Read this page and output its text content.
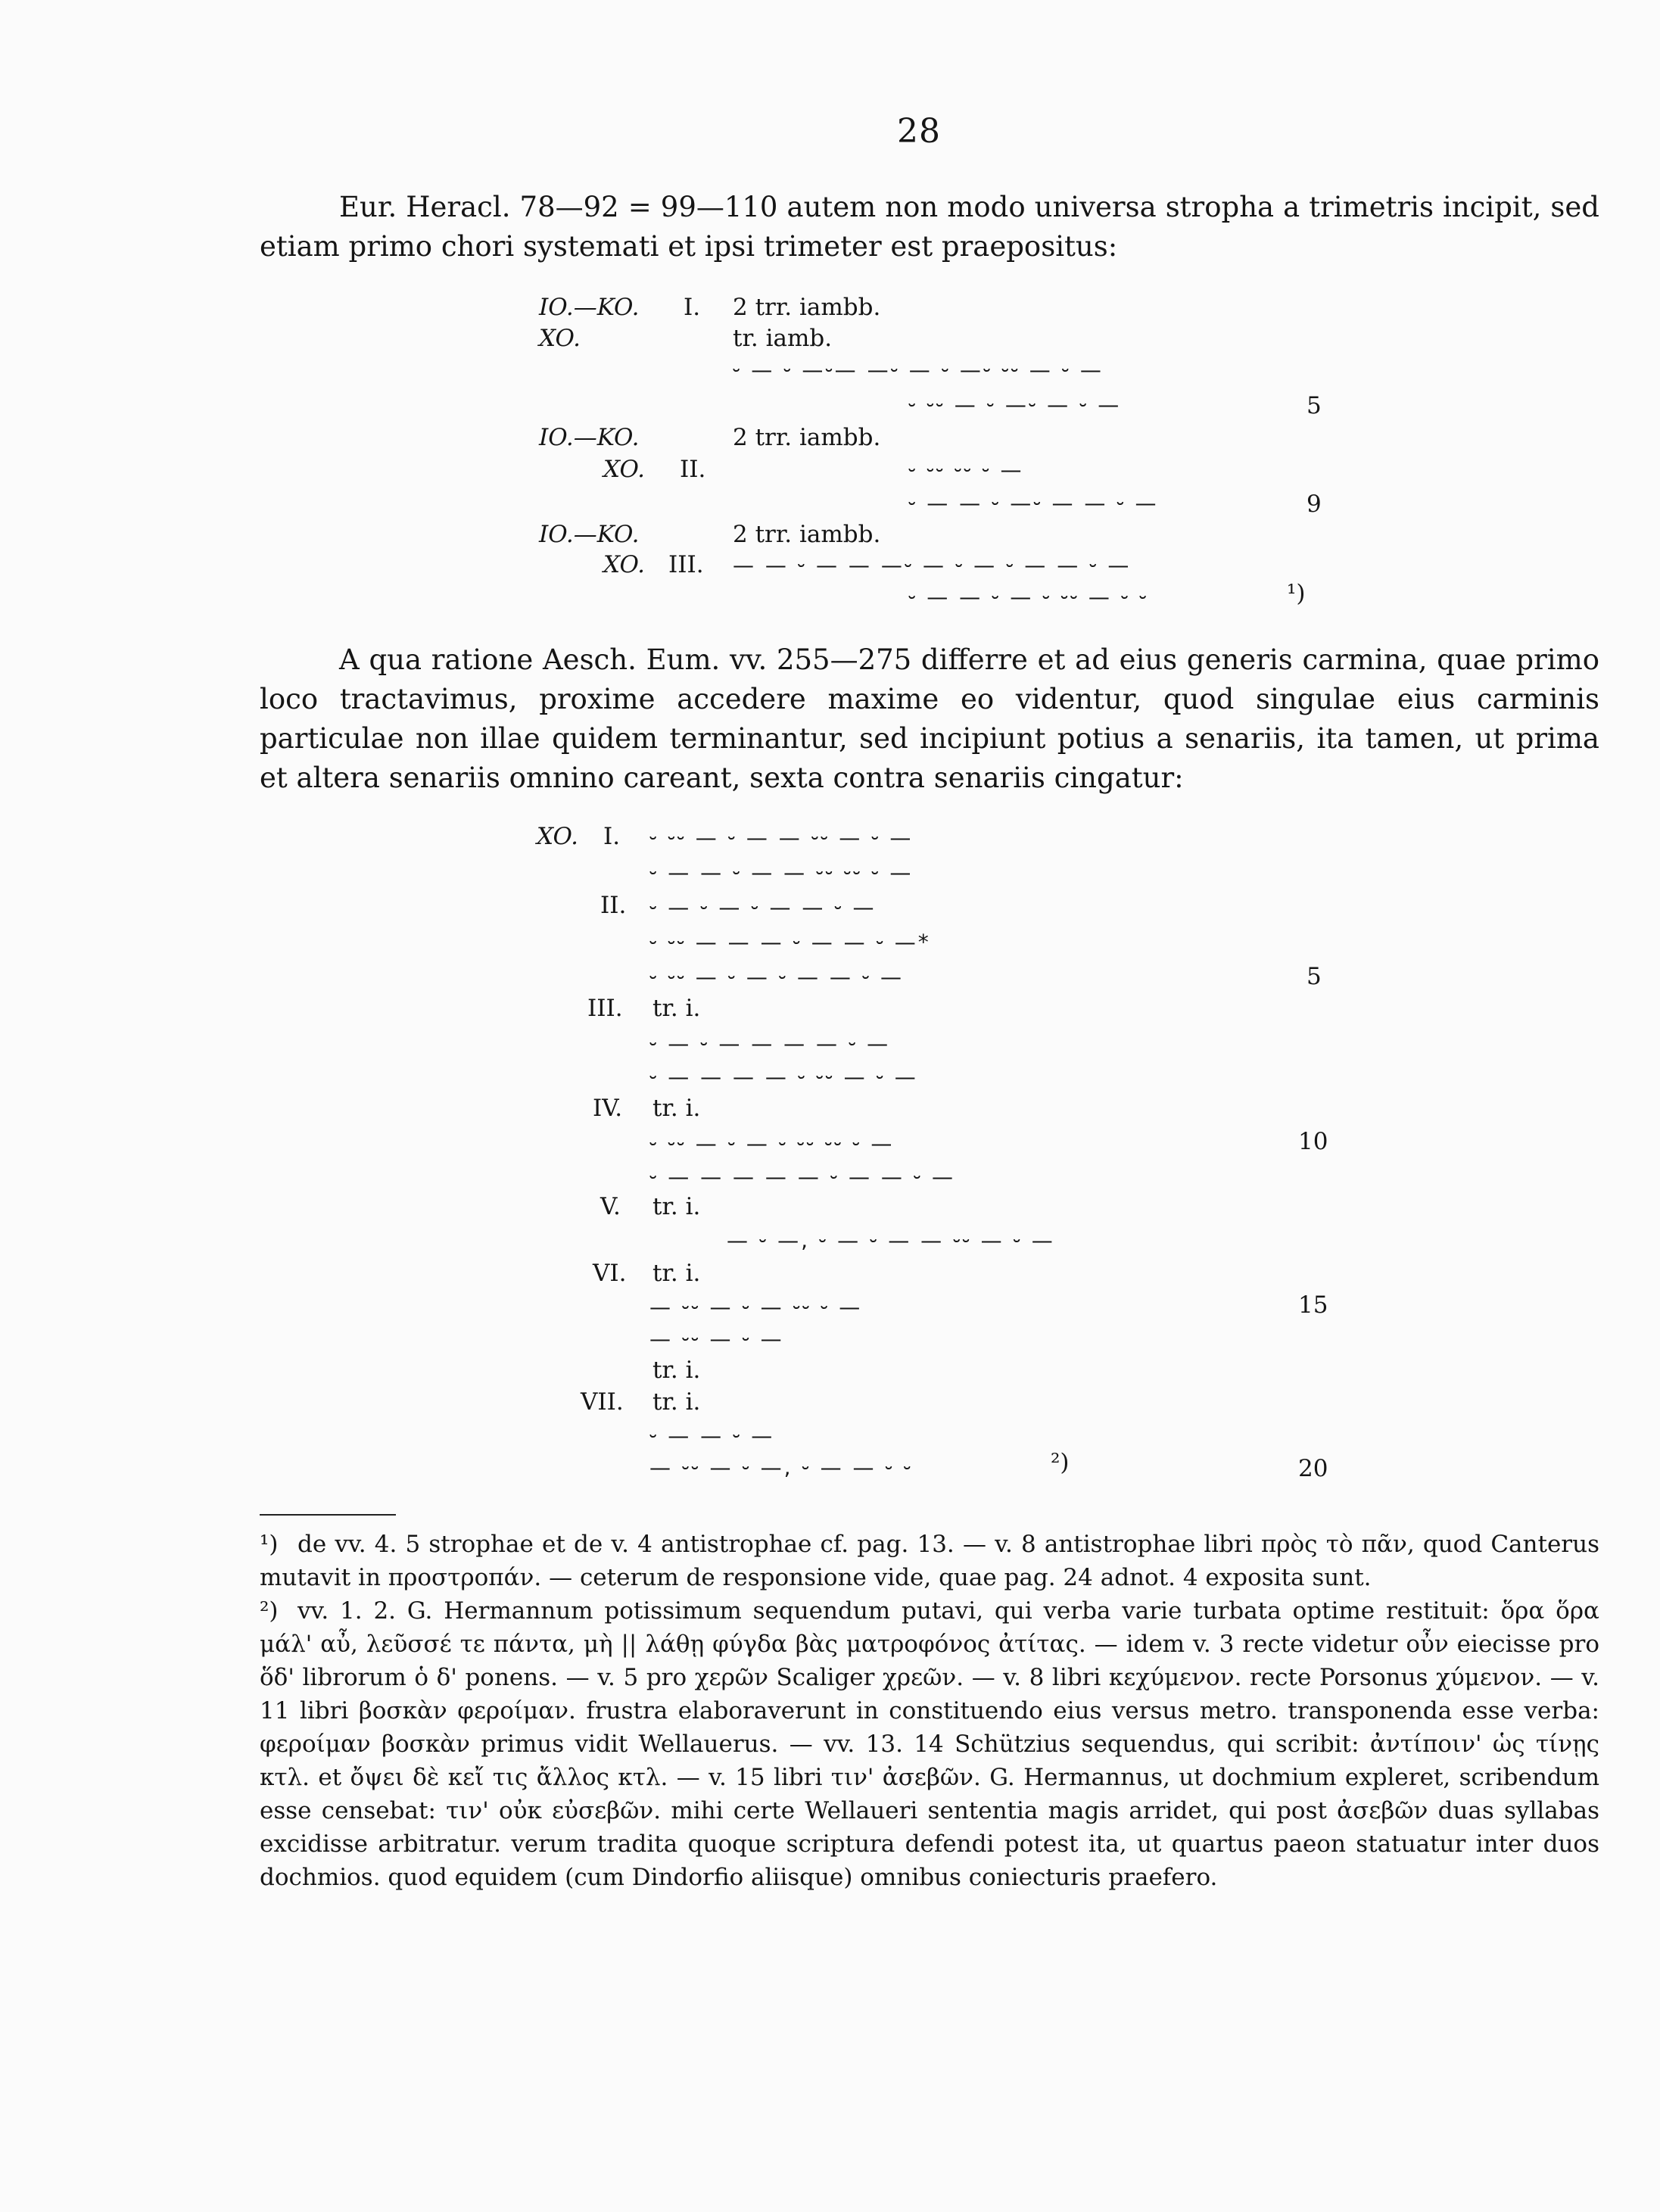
28
Eur. Heracl. 78—92 = 99—110 autem non modo universa stropha a trimetris incipit, sed etiam primo chori systemati et ipsi trimeter est praepositus:
IO.—KO. I. 2 trr. iambb.
XO.	tr. iamb.
⏑ — ⏑ —⏑— —⏑ — ⏑ —⏑ ⏑⏑ — ⏑ —
⏑ ⏑⏑ — ⏑ —⏑ — ⏑ —	5
IO.—KO.	2 trr. iambb.
XO. II.	⏑ ⏑⏑ ⏑⏑ ⏑ —
⏑ — — ⏑ —⏑ — — ⏑ —	9
IO.—KO.	2 trr. iambb.
XO. III. — — ⏑ — — —⏑ — ⏑ — ⏑ — — ⏑ —
⏑ — — ⏑ — ⏑ ⏑⏑ — ⏑ ⏑	¹)
A qua ratione Aesch. Eum. vv. 255—275 differre et ad eius generis carmina, quae primo loco tractavimus, proxime accedere maxime eo videntur, quod singulae eius carminis particulae non illae quidem terminantur, sed incipiunt potius a senariis, ita tamen, ut prima et altera senariis omnino careant, sexta contra senariis cingatur:
XO. I. ⏑ ⏑⏑ — ⏑ — — ⏑⏑ — ⏑ —
⏑ — — ⏑ — — ⏑⏑ ⏑⏑ ⏑ —
II. ⏑ — ⏑ — ⏑ — — ⏑ —
⏑ ⏑⏑ — — — ⏑ — — ⏑ —*
⏑ ⏑⏑ — ⏑ — ⏑ — — ⏑ —	5
III. tr. i.
⏑ — ⏑ — — — — ⏑ —
⏑ — — — — ⏑ ⏑⏑ — ⏑ —
IV. tr. i.
⏑ ⏑⏑ — ⏑ — ⏑ ⏑⏑ ⏑⏑ ⏑ —	10
⏑ — — — — — ⏑ — — ⏑ —
V. tr. i.
— ⏑ —, ⏑ — ⏑ — — ⏑⏑ — ⏑ —
VI. tr. i.
— ⏑⏑ — ⏑ — ⏑⏑ ⏑ —	15
— ⏑⏑ — ⏑ —
tr. i.
VII. tr. i.
⏑ — — ⏑ —
— ⏑⏑ — ⏑ —, ⏑ — — ⏑ ⏑	²)	20
¹) de vv. 4. 5 strophae et de v. 4 antistrophae cf. pag. 13. — v. 8 antistrophae libri πρὸς τὸ πᾶν, quod Canterus mutavit in προστροπάν. — ceterum de responsione vide, quae pag. 24 adnot. 4 exposita sunt.
²) vv. 1. 2. G. Hermannum potissimum sequendum putavi, qui verba varie turbata optime restituit: ὅρα ὅρα μάλ' αὖ, λεῦσσέ τε πάντα, μὴ || λάθῃ φύγδα βὰς ματροφόνος ἀτίτας. — idem v. 3 recte videtur οὖν eiecisse pro ὅδ' librorum ὁ δ' ponens. — v. 5 pro χερῶν Scaliger χρεῶν. — v. 8 libri κεχύμενον. recte Porsonus χύμενον. — v. 11 libri βοσκὰν φεροίμαν. frustra elaboraverunt in constituendo eius versus metro. transponenda esse verba: φεροίμαν βοσκὰν primus vidit Wellauerus. — vv. 13. 14 Schützius sequendus, qui scribit: ἀντίποιν' ὡς τίνῃς κτλ. et ὄψει δὲ κεἴ τις ἄλλος κτλ. — v. 15 libri τιν' ἀσεβῶν. G. Hermannus, ut dochmium expleret, scribendum esse censebat: τιν' οὐκ εὐσεβῶν. mihi certe Wellaueri sententia magis arridet, qui post ἀσεβῶν duas syllabas excidisse arbitratur. verum tradita quoque scriptura defendi potest ita, ut quartus paeon statuatur inter duos dochmios. quod equidem (cum Dindorfio aliisque) omnibus coniecturis praefero.
